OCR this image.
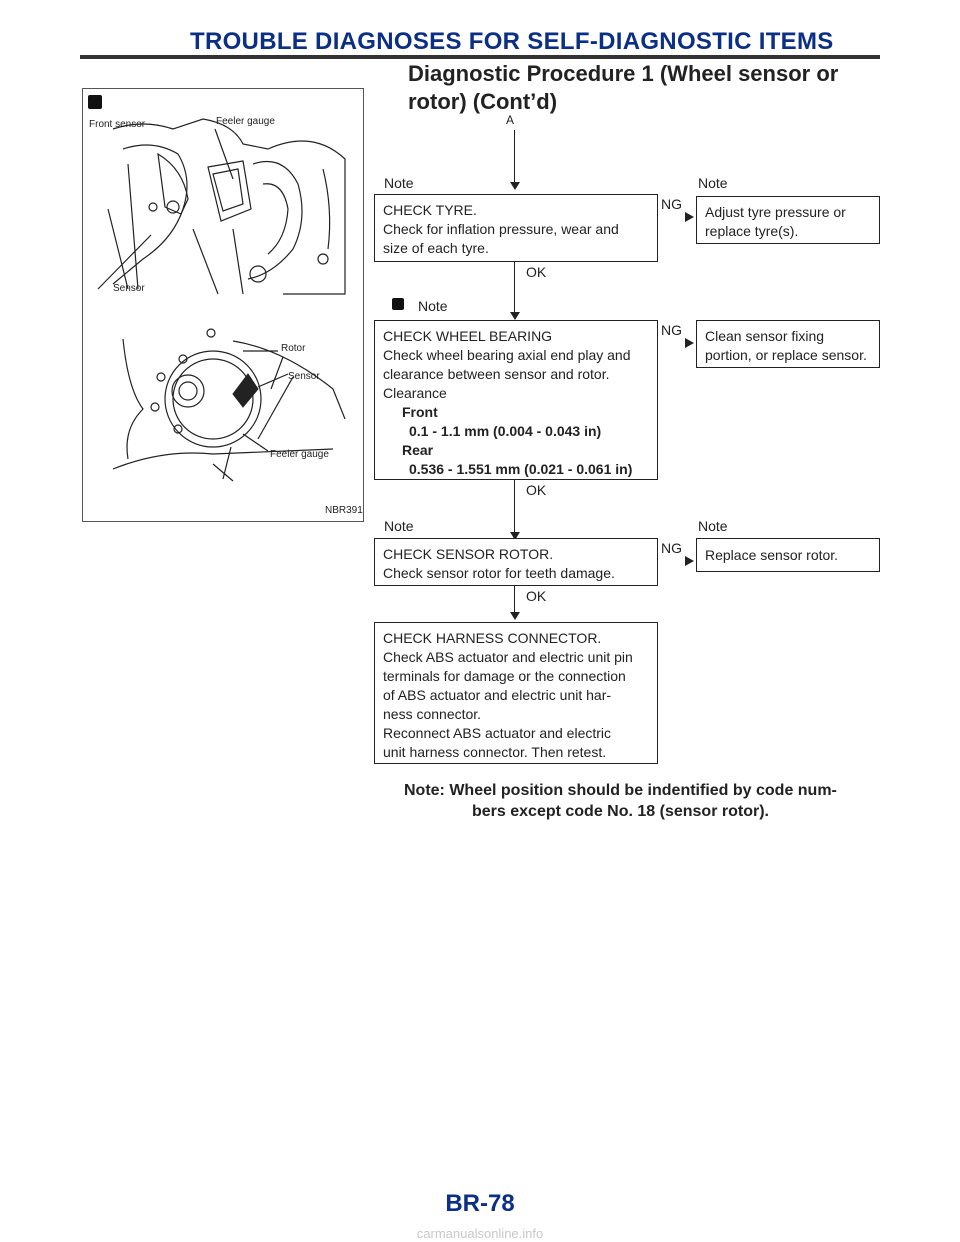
TROUBLE DIAGNOSES FOR SELF-DIAGNOSTIC ITEMS
Diagnostic Procedure 1 (Wheel sensor or rotor) (Cont’d)
Front sensor	Feeler gauge
Sensor
Rotor
Sensor
Feeler gauge
NBR391
A
Note	Note
CHECK TYRE.
Check for inflation pressure, wear and
size of each tyre.
NG Adjust tyre pressure or
replace tyre(s).
OK
Note
CHECK WHEEL BEARING
Check wheel bearing axial end play and
clearance between sensor and rotor.
Clearance
Front
0.1 - 1.1 mm (0.004 - 0.043 in)
Rear
0.536 - 1.551 mm (0.021 - 0.061 in)
NG Clean sensor fixing
portion, or replace sensor.
OK
Note	Note
CHECK SENSOR ROTOR.
Check sensor rotor for teeth damage.
NG Replace sensor rotor.
OK
CHECK HARNESS CONNECTOR.
Check ABS actuator and electric unit pin
terminals for damage or the connection
of ABS actuator and electric unit har-
ness connector.
Reconnect ABS actuator and electric
unit harness connector. Then retest.
Note: Wheel position should be indentified by code num-
bers except code No. 18 (sensor rotor).
BR-78
carmanualsonline.info
